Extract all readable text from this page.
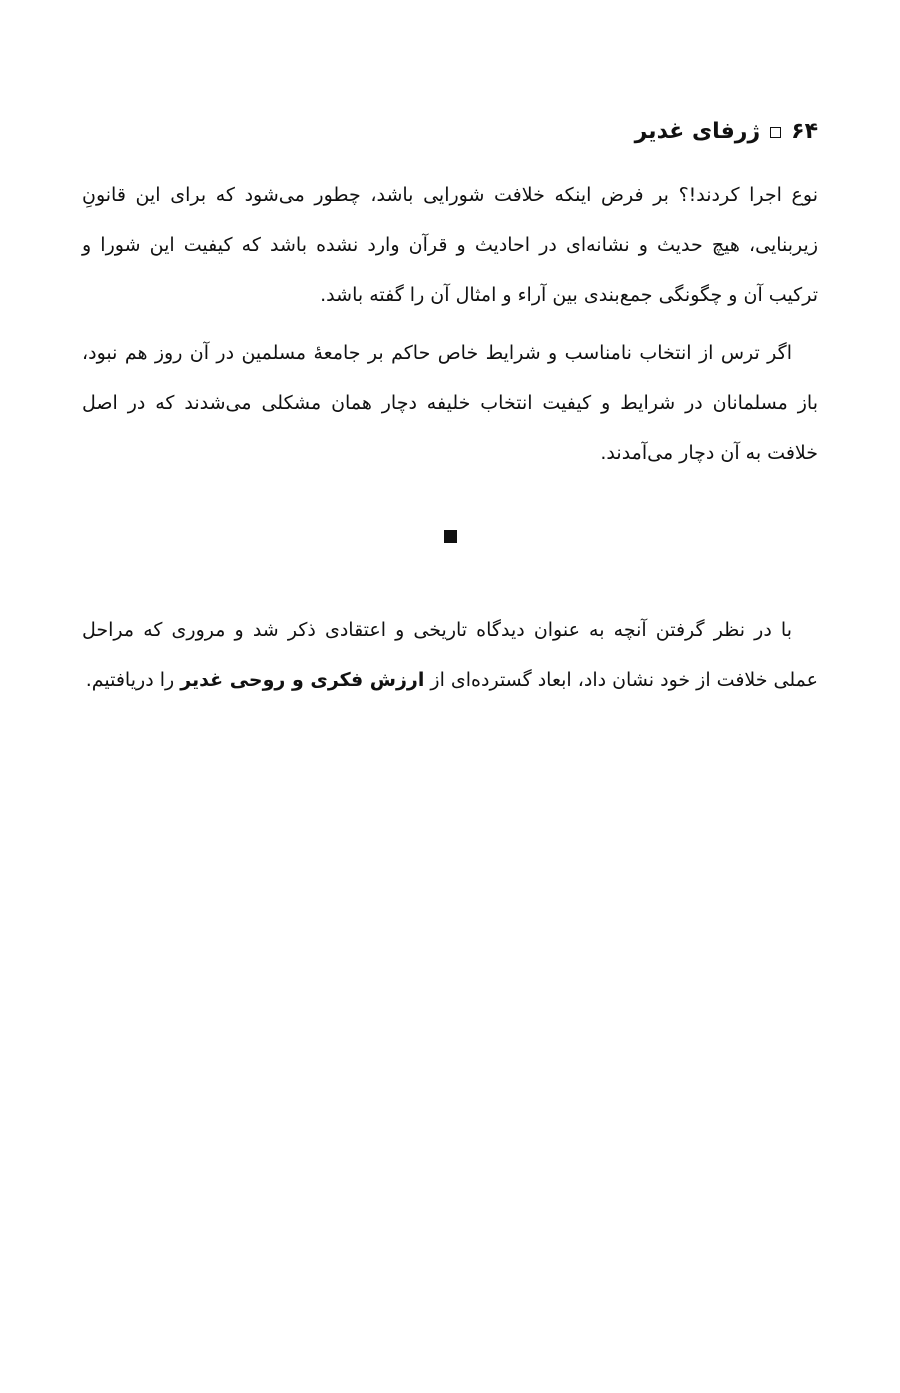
۶۴
ژرفای غدیر

نوع اجرا کردند!؟ بر فرض اینکه خلافت شورایی باشد، چطور می‌شود که برای این قانونِ زیربنایی، هیچ حدیث و نشانه‌ای در احادیث و قرآن وارد نشده باشد که کیفیت این شورا و ترکیب آن و چگونگی جمع‌بندی بین آراء و امثال آن را گفته باشد.

اگر ترس از انتخاب نامناسب و شرایط خاص حاکم بر جامعهٔ مسلمین در آن روز هم نبود، باز مسلمانان در شرایط و کیفیت انتخاب خلیفه دچار همان مشکلی می‌شدند که در اصل خلافت به آن دچار می‌آمدند.

با در نظر گرفتن آنچه به عنوان دیدگاه تاریخی و اعتقادی ذکر شد و مروری که مراحل عملی خلافت از خود نشان داد، ابعاد گسترده‌ای از ارزش فکری و روحی غدیر را دریافتیم.
